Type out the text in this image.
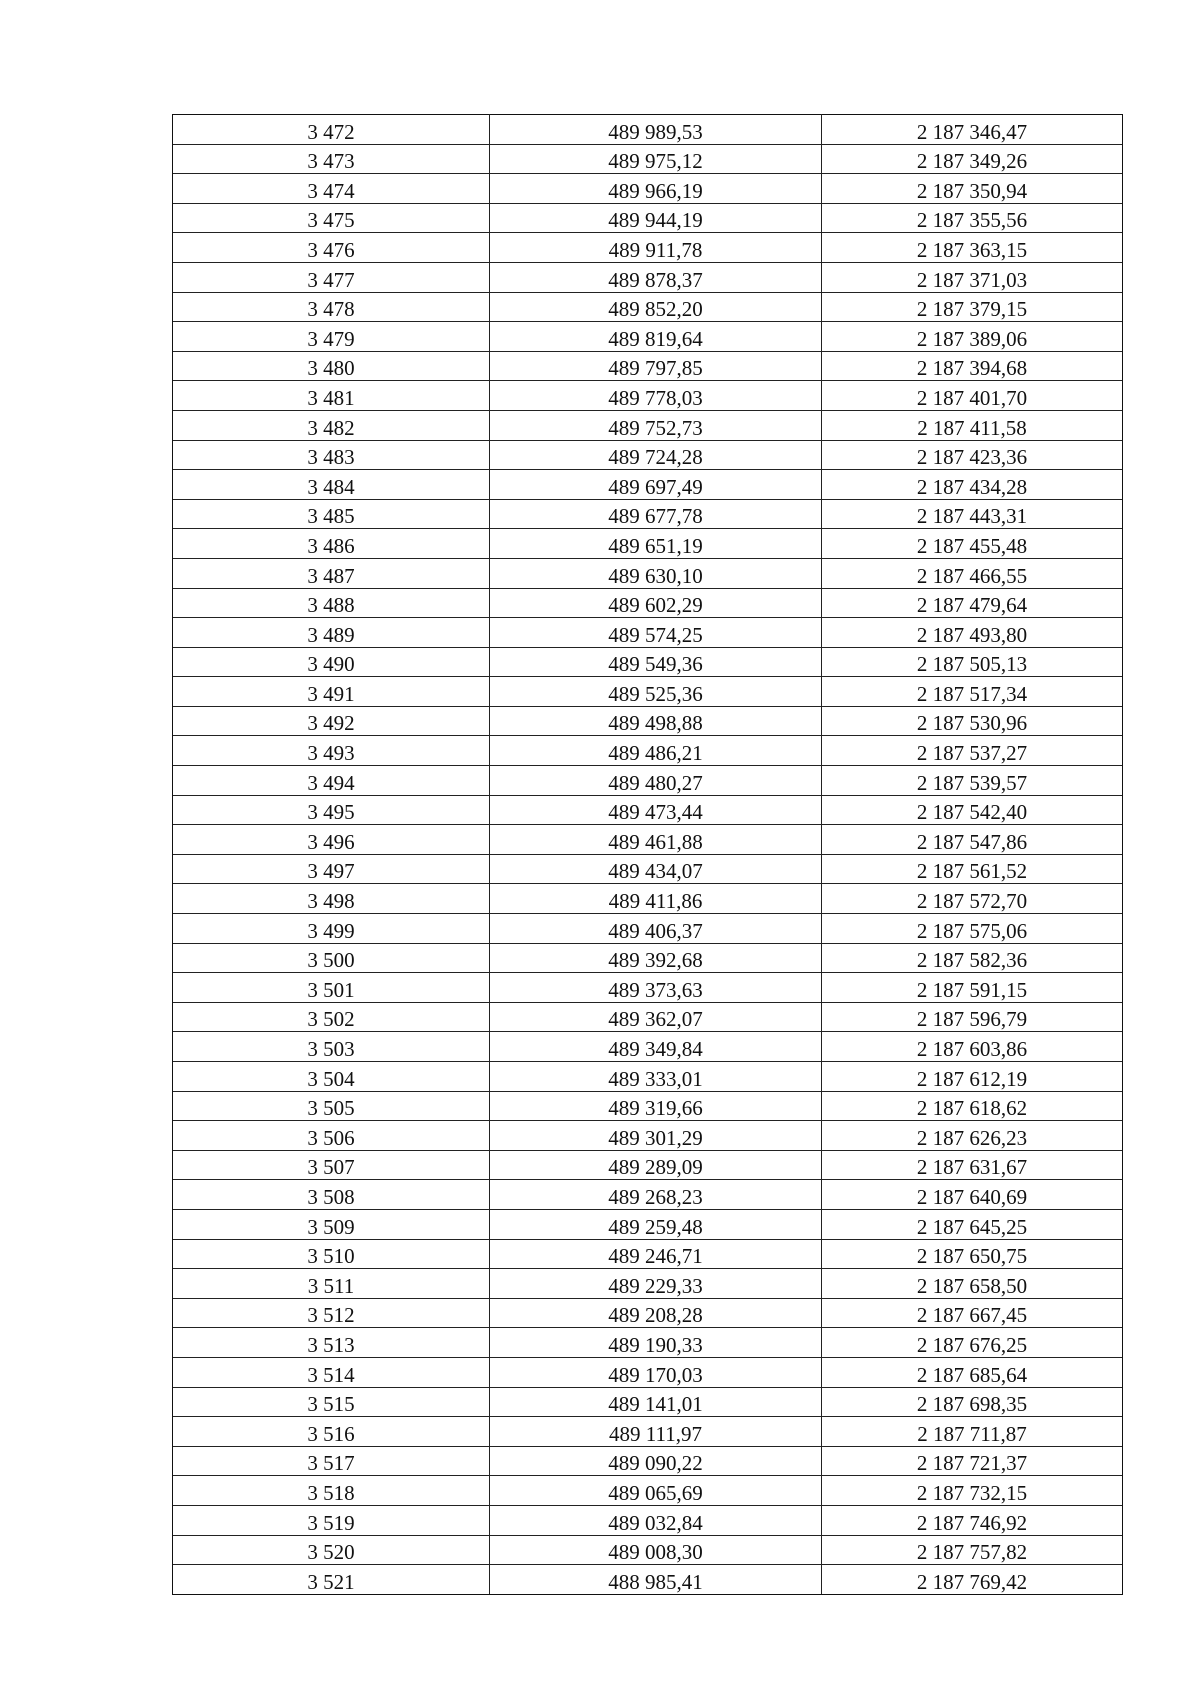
3 472	489 989,53	2 187 346,47
3 473	489 975,12	2 187 349,26
3 474	489 966,19	2 187 350,94
3 475	489 944,19	2 187 355,56
3 476	489 911,78	2 187 363,15
3 477	489 878,37	2 187 371,03
3 478	489 852,20	2 187 379,15
3 479	489 819,64	2 187 389,06
3 480	489 797,85	2 187 394,68
3 481	489 778,03	2 187 401,70
3 482	489 752,73	2 187 411,58
3 483	489 724,28	2 187 423,36
3 484	489 697,49	2 187 434,28
3 485	489 677,78	2 187 443,31
3 486	489 651,19	2 187 455,48
3 487	489 630,10	2 187 466,55
3 488	489 602,29	2 187 479,64
3 489	489 574,25	2 187 493,80
3 490	489 549,36	2 187 505,13
3 491	489 525,36	2 187 517,34
3 492	489 498,88	2 187 530,96
3 493	489 486,21	2 187 537,27
3 494	489 480,27	2 187 539,57
3 495	489 473,44	2 187 542,40
3 496	489 461,88	2 187 547,86
3 497	489 434,07	2 187 561,52
3 498	489 411,86	2 187 572,70
3 499	489 406,37	2 187 575,06
3 500	489 392,68	2 187 582,36
3 501	489 373,63	2 187 591,15
3 502	489 362,07	2 187 596,79
3 503	489 349,84	2 187 603,86
3 504	489 333,01	2 187 612,19
3 505	489 319,66	2 187 618,62
3 506	489 301,29	2 187 626,23
3 507	489 289,09	2 187 631,67
3 508	489 268,23	2 187 640,69
3 509	489 259,48	2 187 645,25
3 510	489 246,71	2 187 650,75
3 511	489 229,33	2 187 658,50
3 512	489 208,28	2 187 667,45
3 513	489 190,33	2 187 676,25
3 514	489 170,03	2 187 685,64
3 515	489 141,01	2 187 698,35
3 516	489 111,97	2 187 711,87
3 517	489 090,22	2 187 721,37
3 518	489 065,69	2 187 732,15
3 519	489 032,84	2 187 746,92
3 520	489 008,30	2 187 757,82
3 521	488 985,41	2 187 769,42
